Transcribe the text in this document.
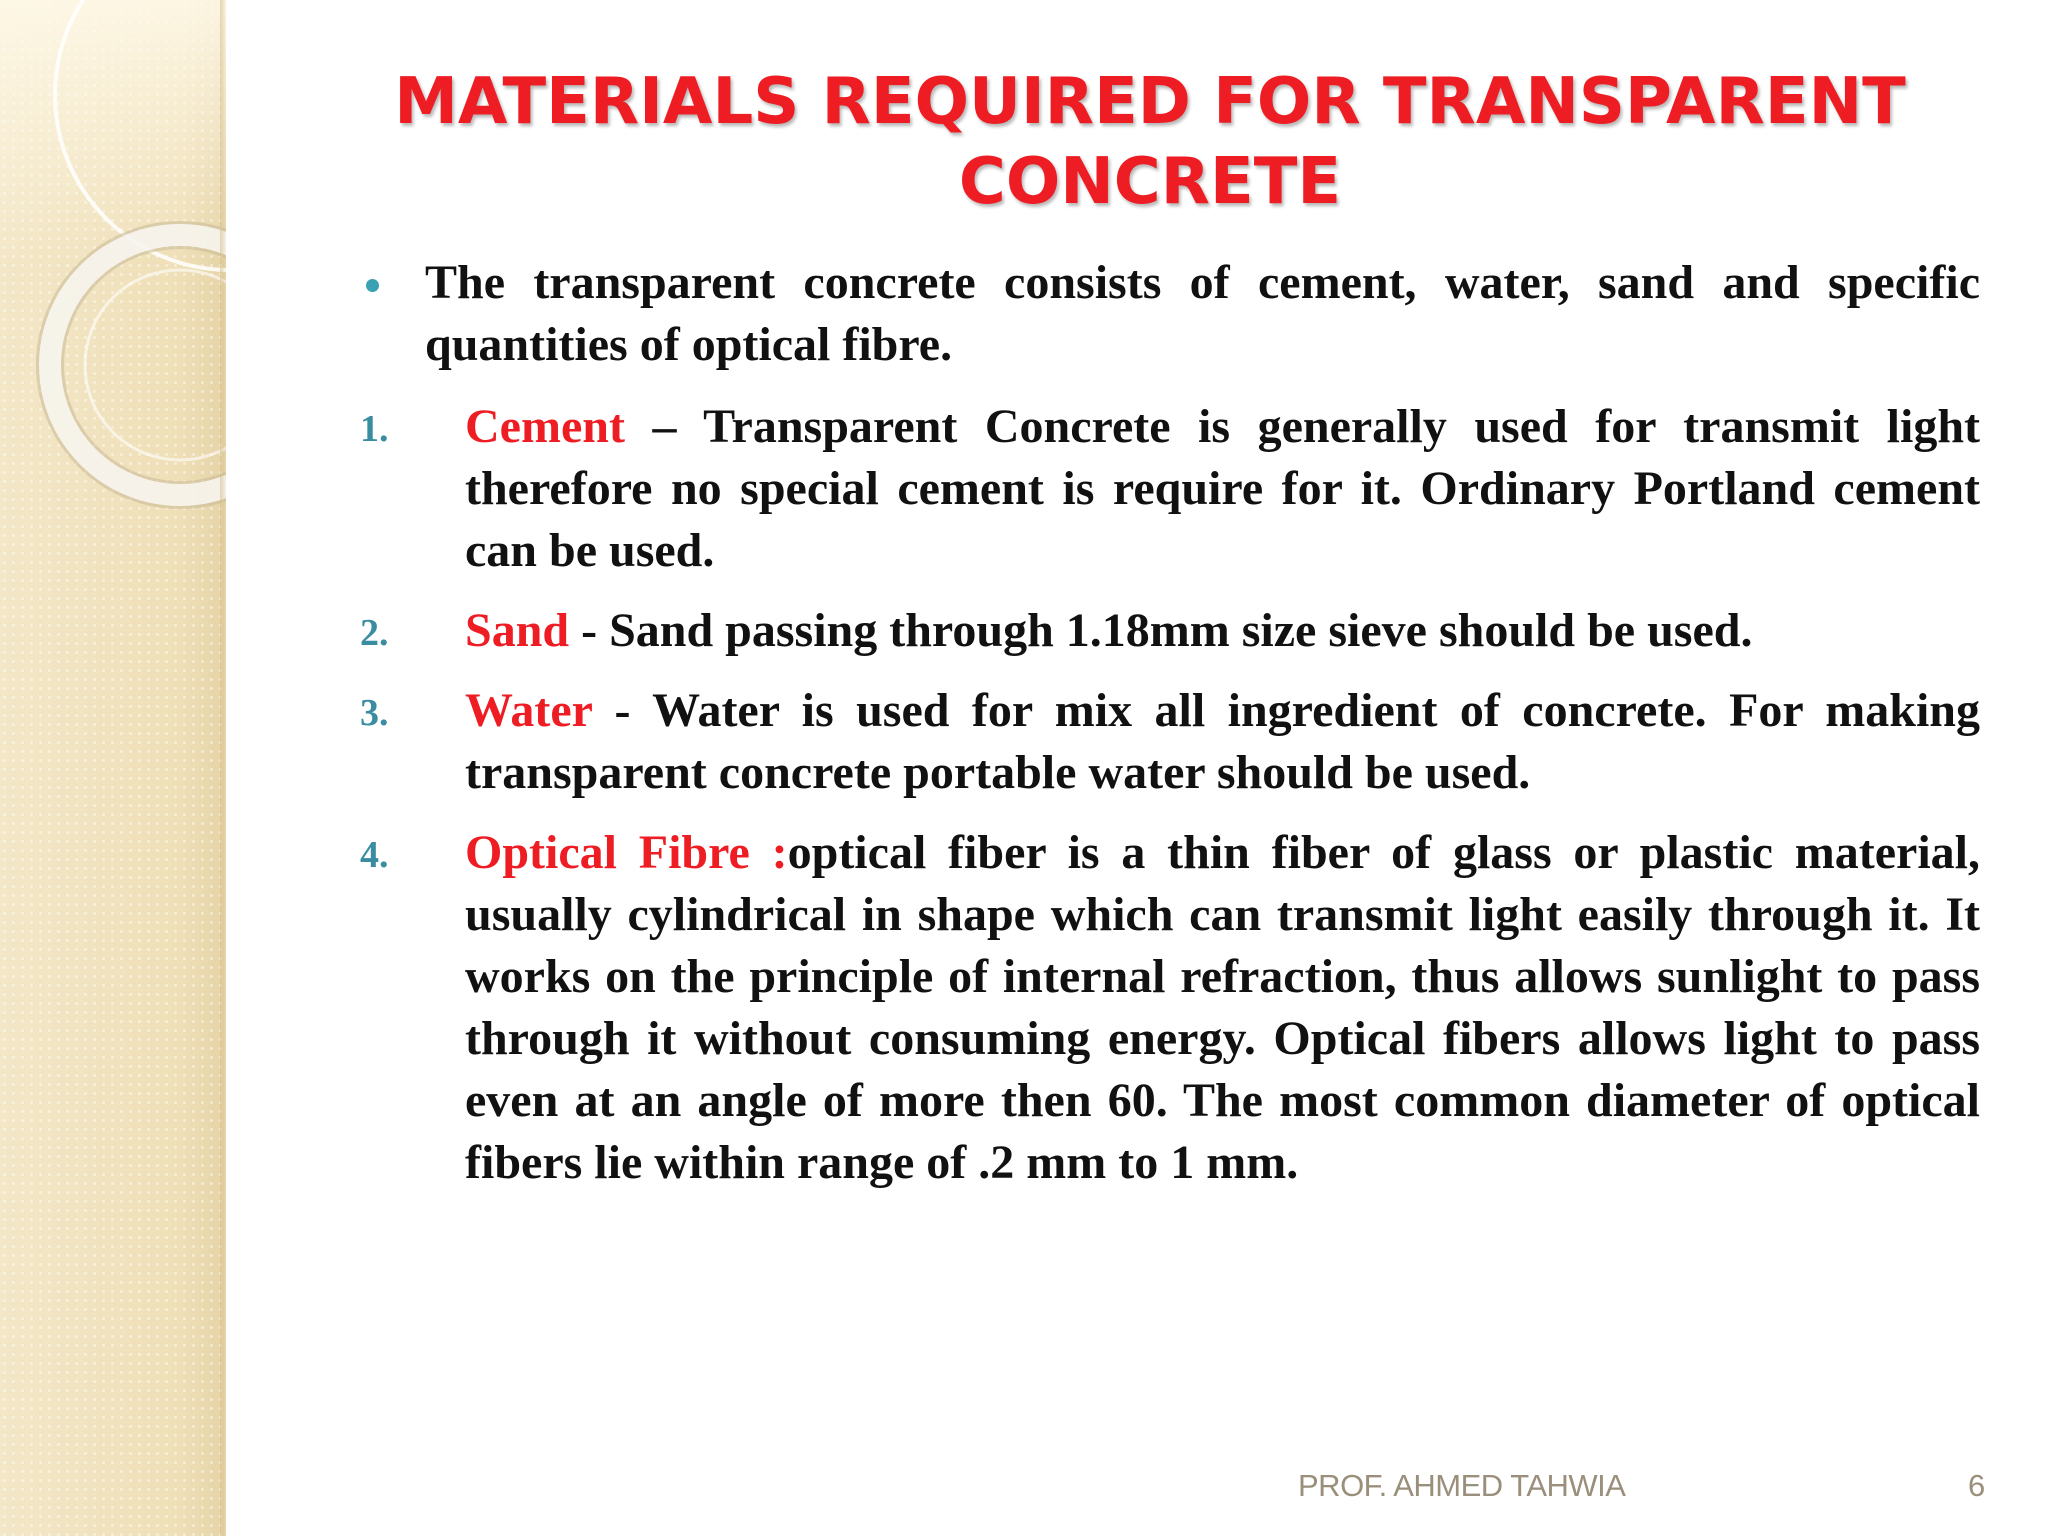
MATERIALS REQUIRED FOR TRANSPARENT CONCRETE
The transparent concrete consists of cement, water, sand and specific quantities of optical fibre.
1. Cement – Transparent Concrete is generally used for transmit light therefore no special cement is require for it. Ordinary Portland cement can be used.
2. Sand - Sand passing through 1.18mm size sieve should be used.
3. Water - Water is used for mix all ingredient of concrete. For making transparent concrete portable water should be used.
4. Optical Fibre :optical fiber is a thin fiber of glass or plastic material, usually cylindrical in shape which can transmit light easily through it. It works on the principle of internal refraction, thus allows sunlight to pass through it without consuming energy. Optical fibers allows light to pass even at an angle of more then 60. The most common diameter of optical fibers lie within range of .2 mm to 1 mm.
PROF. AHMED TAHWIA	6
